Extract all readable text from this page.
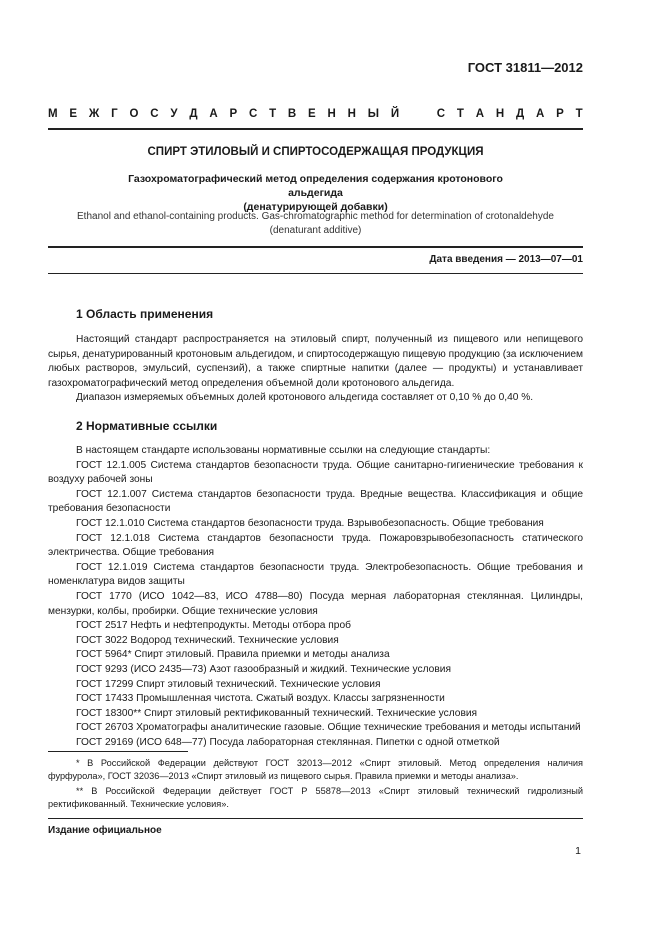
ГОСТ 31811—2012
М Е Ж Г О С У Д А Р С Т В Е Н Н Ы Й	С Т А Н Д А Р Т
СПИРТ ЭТИЛОВЫЙ И СПИРТОСОДЕРЖАЩАЯ ПРОДУКЦИЯ
Газохроматографический метод определения содержания кротонового альдегида
(денатурирующей добавки)
Ethanol and ethanol-containing products. Gas-chromatographic method for determination of crotonaldehyde
(denaturant additive)
Дата введения — 2013—07—01
1 Область применения

Настоящий стандарт распространяется на этиловый спирт, полученный из пищевого или непищевого сырья, денатурированный кротоновым альдегидом, и спиртосодержащую пищевую продукцию (за исключением любых растворов, эмульсий, суспензий), а также спиртные напитки (далее — продукты) и устанавливает газохроматографический метод определения объемной доли кротонового альдегида.

Диапазон измеряемых объемных долей кротонового альдегида составляет от 0,10 % до 0,40 %.

2 Нормативные ссылки

В настоящем стандарте использованы нормативные ссылки на следующие стандарты:

ГОСТ 12.1.005 Система стандартов безопасности труда. Общие санитарно-гигиенические требования к воздуху рабочей зоны

ГОСТ 12.1.007 Система стандартов безопасности труда. Вредные вещества. Классификация и общие требования безопасности

ГОСТ 12.1.010 Система стандартов безопасности труда. Взрывобезопасность. Общие требования

ГОСТ 12.1.018 Система стандартов безопасности труда. Пожаровзрывобезопасность статического электричества. Общие требования

ГОСТ 12.1.019 Система стандартов безопасности труда. Электробезопасность. Общие требования и номенклатура видов защиты

ГОСТ 1770 (ИСО 1042—83, ИСО 4788—80) Посуда мерная лабораторная стеклянная. Цилиндры, мензурки, колбы, пробирки. Общие технические условия

ГОСТ 2517 Нефть и нефтепродукты. Методы отбора проб

ГОСТ 3022 Водород технический. Технические условия

ГОСТ 5964* Спирт этиловый. Правила приемки и методы анализа

ГОСТ 9293 (ИСО 2435—73) Азот газообразный и жидкий. Технические условия

ГОСТ 17299 Спирт этиловый технический. Технические условия

ГОСТ 17433 Промышленная чистота. Сжатый воздух. Классы загрязненности

ГОСТ 18300** Спирт этиловый ректификованный технический. Технические условия

ГОСТ 26703 Хроматографы аналитические газовые. Общие технические требования и методы испытаний

ГОСТ 29169 (ИСО 648—77) Посуда лабораторная стеклянная. Пипетки с одной отметкой

* В Российской Федерации действуют ГОСТ 32013—2012 «Спирт этиловый. Метод определения наличия фурфурола», ГОСТ 32036—2013 «Спирт этиловый из пищевого сырья. Правила приемки и методы анализа».

** В Российской Федерации действует ГОСТ Р 55878—2013 «Спирт этиловый технический гидролизный ректификованный. Технические условия».

Издание официальное
1
